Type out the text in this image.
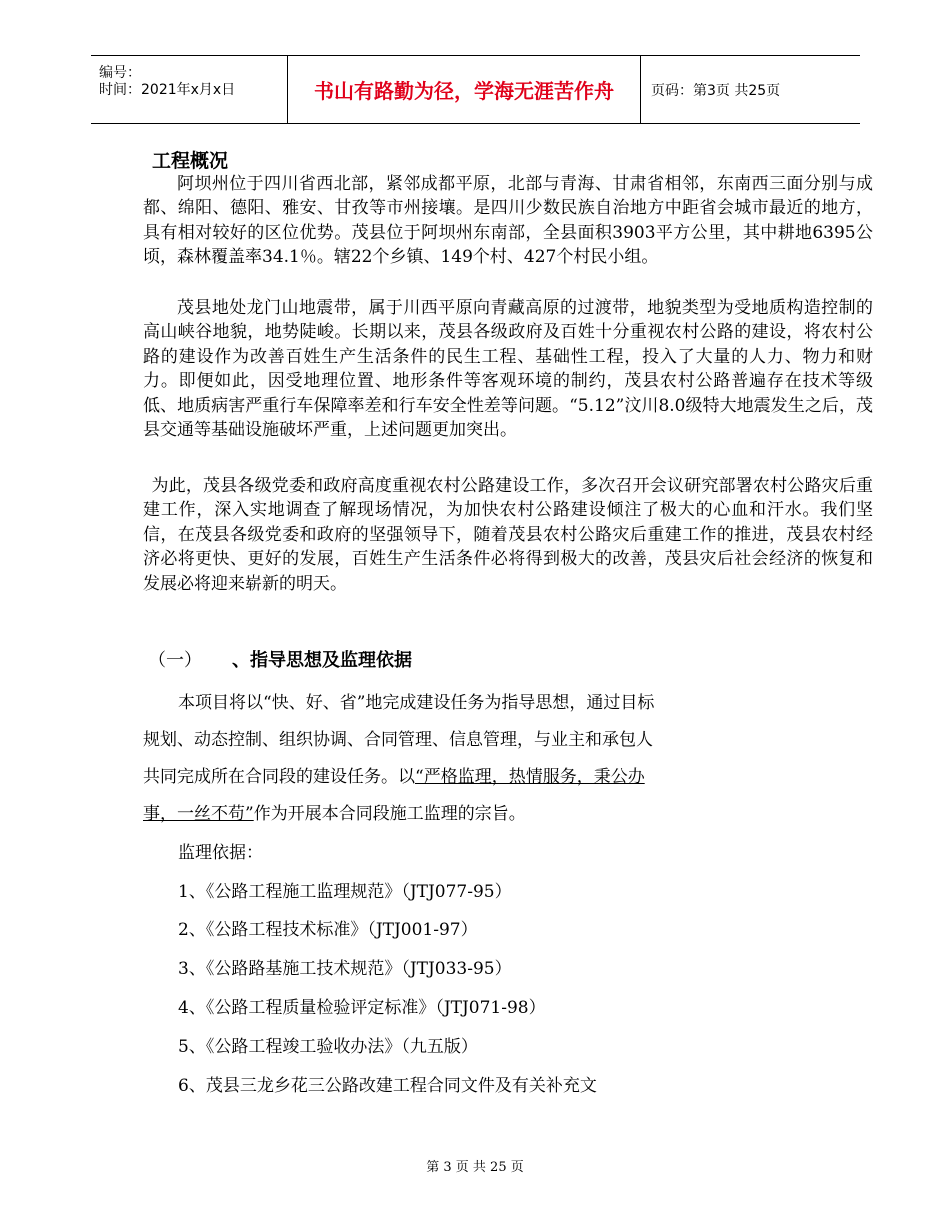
编号：
时间：2021年x月x日	书山有路勤为径，学海无涯苦作舟	页码：第3页 共25页
工程概况
阿坝州位于四川省西北部，紧邻成都平原，北部与青海、甘肃省相邻，东南西三面分别与成都、绵阳、德阳、雅安、甘孜等市州接壤。是四川少数民族自治地方中距省会城市最近的地方，具有相对较好的区位优势。茂县位于阿坝州东南部，全县面积3903平方公里，其中耕地6395公顷，森林覆盖率34.1％。辖22个乡镇、149个村、427个村民小组。
茂县地处龙门山地震带，属于川西平原向青藏高原的过渡带，地貌类型为受地质构造控制的高山峡谷地貌，地势陡峻。长期以来，茂县各级政府及百姓十分重视农村公路的建设，将农村公路的建设作为改善百姓生产生活条件的民生工程、基础性工程，投入了大量的人力、物力和财力。即便如此，因受地理位置、地形条件等客观环境的制约，茂县农村公路普遍存在技术等级低、地质病害严重行车保障率差和行车安全性差等问题。“5.12”汶川8.0级特大地震发生之后，茂县交通等基础设施破坏严重，上述问题更加突出。
为此，茂县各级党委和政府高度重视农村公路建设工作，多次召开会议研究部署农村公路灾后重建工作，深入实地调查了解现场情况，为加快农村公路建设倾注了极大的心血和汗水。我们坚信，在茂县各级党委和政府的坚强领导下，随着茂县农村公路灾后重建工作的推进，茂县农村经济必将更快、更好的发展，百姓生产生活条件必将得到极大的改善，茂县灾后社会经济的恢复和发展必将迎来崭新的明天。
（一） 、指导思想及监理依据
本项目将以“快、好、省”地完成建设任务为指导思想，通过目标
规划、动态控制、组织协调、合同管理、信息管理，与业主和承包人
共同完成所在合同段的建设任务。以“严格监理，热情服务，秉公办
事，一丝不苟”作为开展本合同段施工监理的宗旨。
监理依据：
1、《公路工程施工监理规范》（JTJ077-95）
2、《公路工程技术标准》（JTJ001-97）
3、《公路路基施工技术规范》（JTJ033-95）
4、《公路工程质量检验评定标准》（JTJ071-98）
5、《公路工程竣工验收办法》（九五版）
6、茂县三龙乡花三公路改建工程合同文件及有关补充文
第 3 页 共 25 页
